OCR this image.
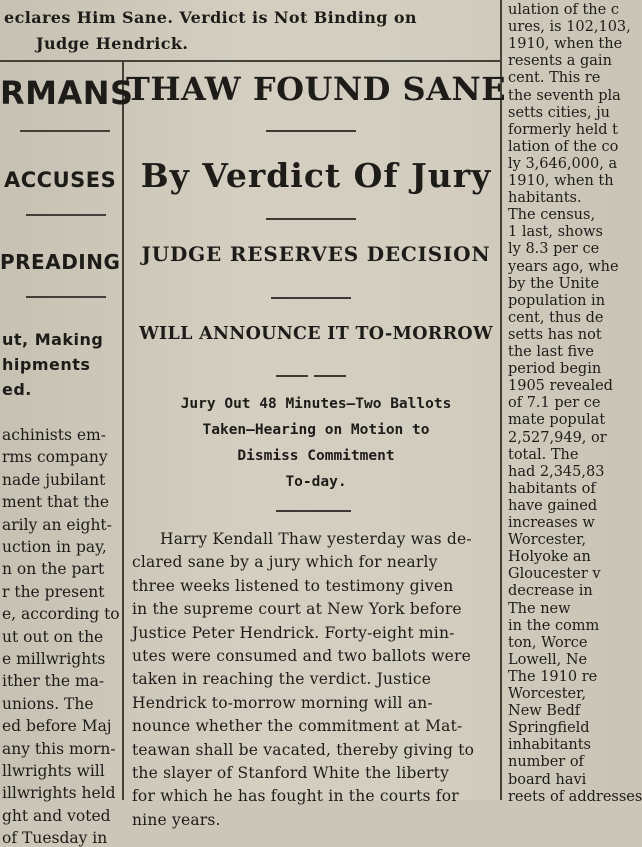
eclares Him Sane. Verdict is Not Binding on
Judge Hendrick.
RMANS
ACCUSES
PREADING
ut, Making
hipments
ed.
achinists em-
rms company
nade jubilant
ment that the
arily an eight-
uction in pay,
n on the part
r the present
e, according to
ut out on the
e millwrights
ither the ma-
unions. The
ed before Maj
any this morn-
llwrights will
illwrights held
ght and voted
of Tuesday in
THAW FOUND SANE
By Verdict Of Jury
JUDGE RESERVES DECISION
WILL ANNOUNCE IT TO-MORROW
Jury Out 48 Minutes—Two Ballots
Taken—Hearing on Motion to
Dismiss Commitment
To-day.
Harry Kendall Thaw yesterday was de-
clared sane by a jury which for nearly
three weeks listened to testimony given
in the supreme court at New York before
Justice Peter Hendrick. Forty-eight min-
utes were consumed and two ballots were
taken in reaching the verdict. Justice
Hendrick to-morrow morning will an-
nounce whether the commitment at Mat-
teawan shall be vacated, thereby giving to
the slayer of Stanford White the liberty
for which he has fought in the courts for
nine years.
ulation of the c
ures, is 102,103,
1910, when the
resents a gain
cent. This re
the seventh pla
setts cities, ju
formerly held t
lation of the co
ly 3,646,000, a
1910, when th
habitants.
The census,
1 last, shows
ly 8.3 per ce
years ago, whe
by the Unite
population in
cent, thus de
setts has not
the last five
period begin
1905 revealed
of 7.1 per ce
mate populat
2,527,949, or
total. The
had 2,345,83
habitants of
have gained
increases w
Worcester,
Holyoke an
Gloucester v
decrease in
The new
in the comm
ton, Worce
Lowell, Ne
The 1910 re
Worcester,
New Bedf
Springfield
inhabitants
number of
board havi
reets of addresses
